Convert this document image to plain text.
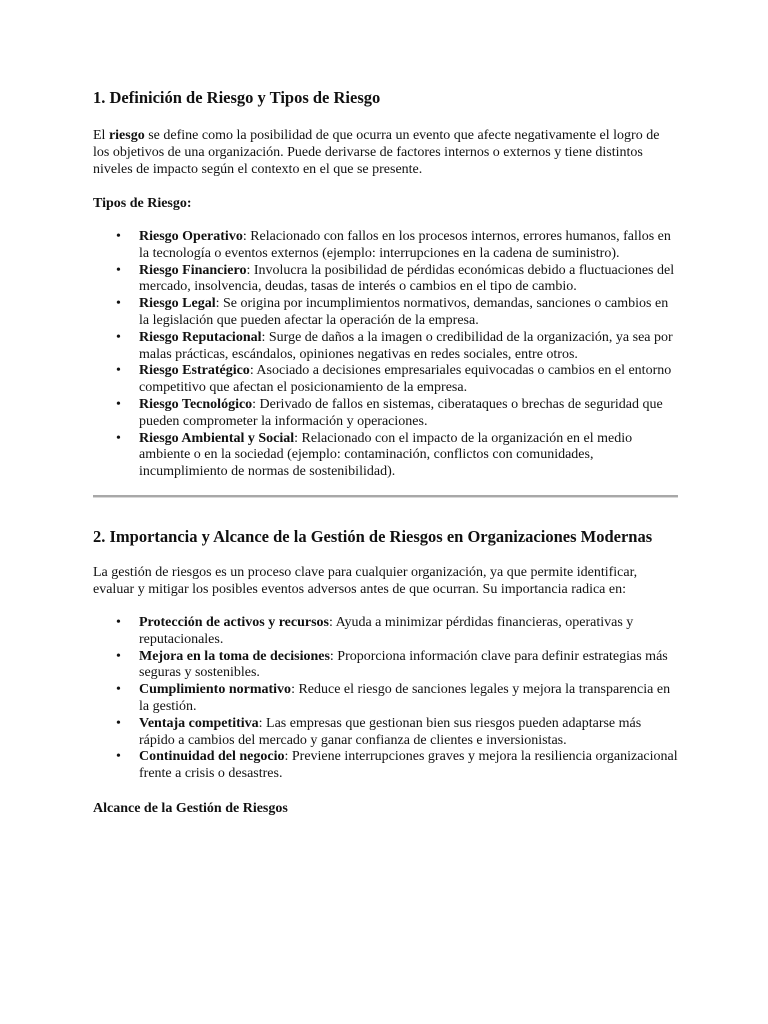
1. Definición de Riesgo y Tipos de Riesgo

El riesgo se define como la posibilidad de que ocurra un evento que afecte negativamente el logro de los objetivos de una organización. Puede derivarse de factores internos o externos y tiene distintos niveles de impacto según el contexto en el que se presente.

Tipos de Riesgo:

• Riesgo Operativo: Relacionado con fallos en los procesos internos, errores humanos, fallos en la tecnología o eventos externos (ejemplo: interrupciones en la cadena de suministro).
• Riesgo Financiero: Involucra la posibilidad de pérdidas económicas debido a fluctuaciones del mercado, insolvencia, deudas, tasas de interés o cambios en el tipo de cambio.
• Riesgo Legal: Se origina por incumplimientos normativos, demandas, sanciones o cambios en la legislación que pueden afectar la operación de la empresa.
• Riesgo Reputacional: Surge de daños a la imagen o credibilidad de la organización, ya sea por malas prácticas, escándalos, opiniones negativas en redes sociales, entre otros.
• Riesgo Estratégico: Asociado a decisiones empresariales equivocadas o cambios en el entorno competitivo que afectan el posicionamiento de la empresa.
• Riesgo Tecnológico: Derivado de fallos en sistemas, ciberataques o brechas de seguridad que pueden comprometer la información y operaciones.
• Riesgo Ambiental y Social: Relacionado con el impacto de la organización en el medio ambiente o en la sociedad (ejemplo: contaminación, conflictos con comunidades, incumplimiento de normas de sostenibilidad).
2. Importancia y Alcance de la Gestión de Riesgos en Organizaciones Modernas

La gestión de riesgos es un proceso clave para cualquier organización, ya que permite identificar, evaluar y mitigar los posibles eventos adversos antes de que ocurran. Su importancia radica en:

• Protección de activos y recursos: Ayuda a minimizar pérdidas financieras, operativas y reputacionales.
• Mejora en la toma de decisiones: Proporciona información clave para definir estrategias más seguras y sostenibles.
• Cumplimiento normativo: Reduce el riesgo de sanciones legales y mejora la transparencia en la gestión.
• Ventaja competitiva: Las empresas que gestionan bien sus riesgos pueden adaptarse más rápido a cambios del mercado y ganar confianza de clientes e inversionistas.
• Continuidad del negocio: Previene interrupciones graves y mejora la resiliencia organizacional frente a crisis o desastres.

Alcance de la Gestión de Riesgos
